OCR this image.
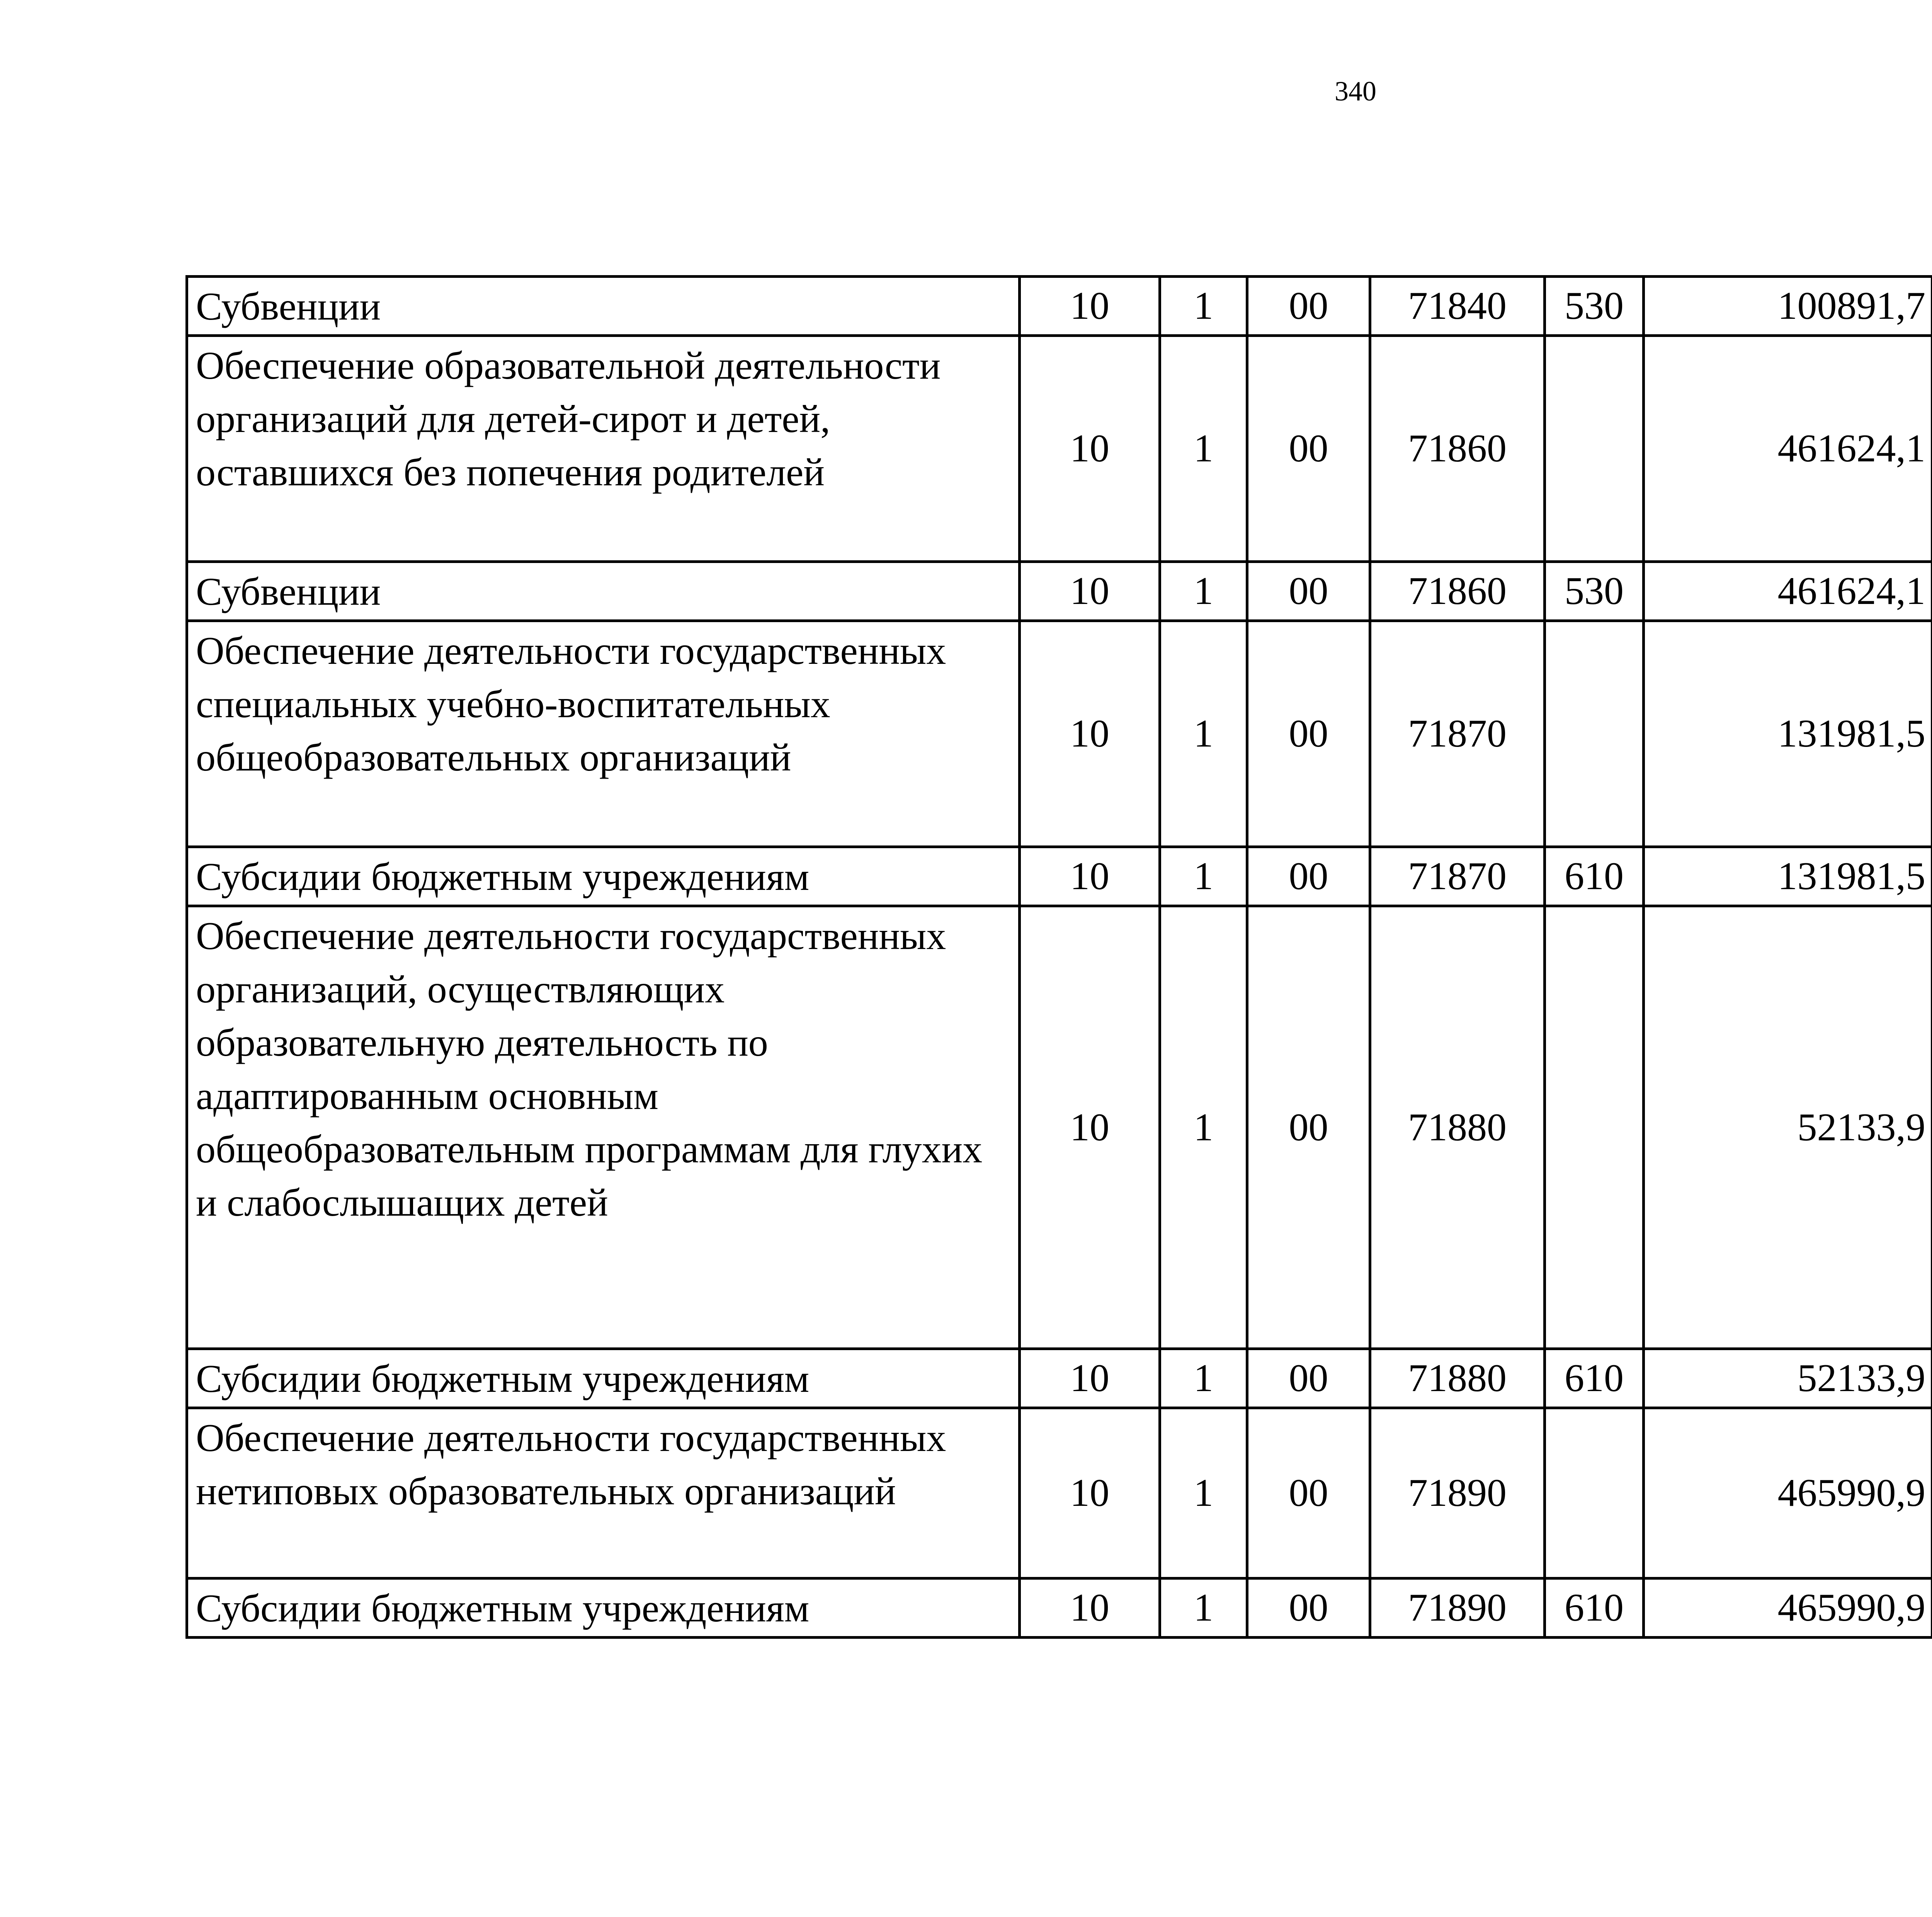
340
Субвенции	10	1	00	71840	530	100891,7		
Обеспечение образовательной деятельности организаций для детей-сирот и детей, оставшихся без попечения родителей	10	1	00	71860		461624,1		
Субвенции	10	1	00	71860	530	461624,1		
Обеспечение деятельности государственных специальных учебно-воспитательных общеобразовательных организаций	10	1	00	71870		131981,5		
Субсидии бюджетным учреждениям	10	1	00	71870	610	131981,5		
Обеспечение деятельности государственных организаций, осуществляющих образовательную деятельность по адаптированным основным общеобразовательным программам для глухих и слабослышащих детей	10	1	00	71880		52133,9		
Субсидии бюджетным учреждениям	10	1	00	71880	610	52133,9		
Обеспечение деятельности государственных нетиповых образовательных организаций	10	1	00	71890		465990,9		
Субсидии бюджетным учреждениям	10	1	00	71890	610	465990,9		
